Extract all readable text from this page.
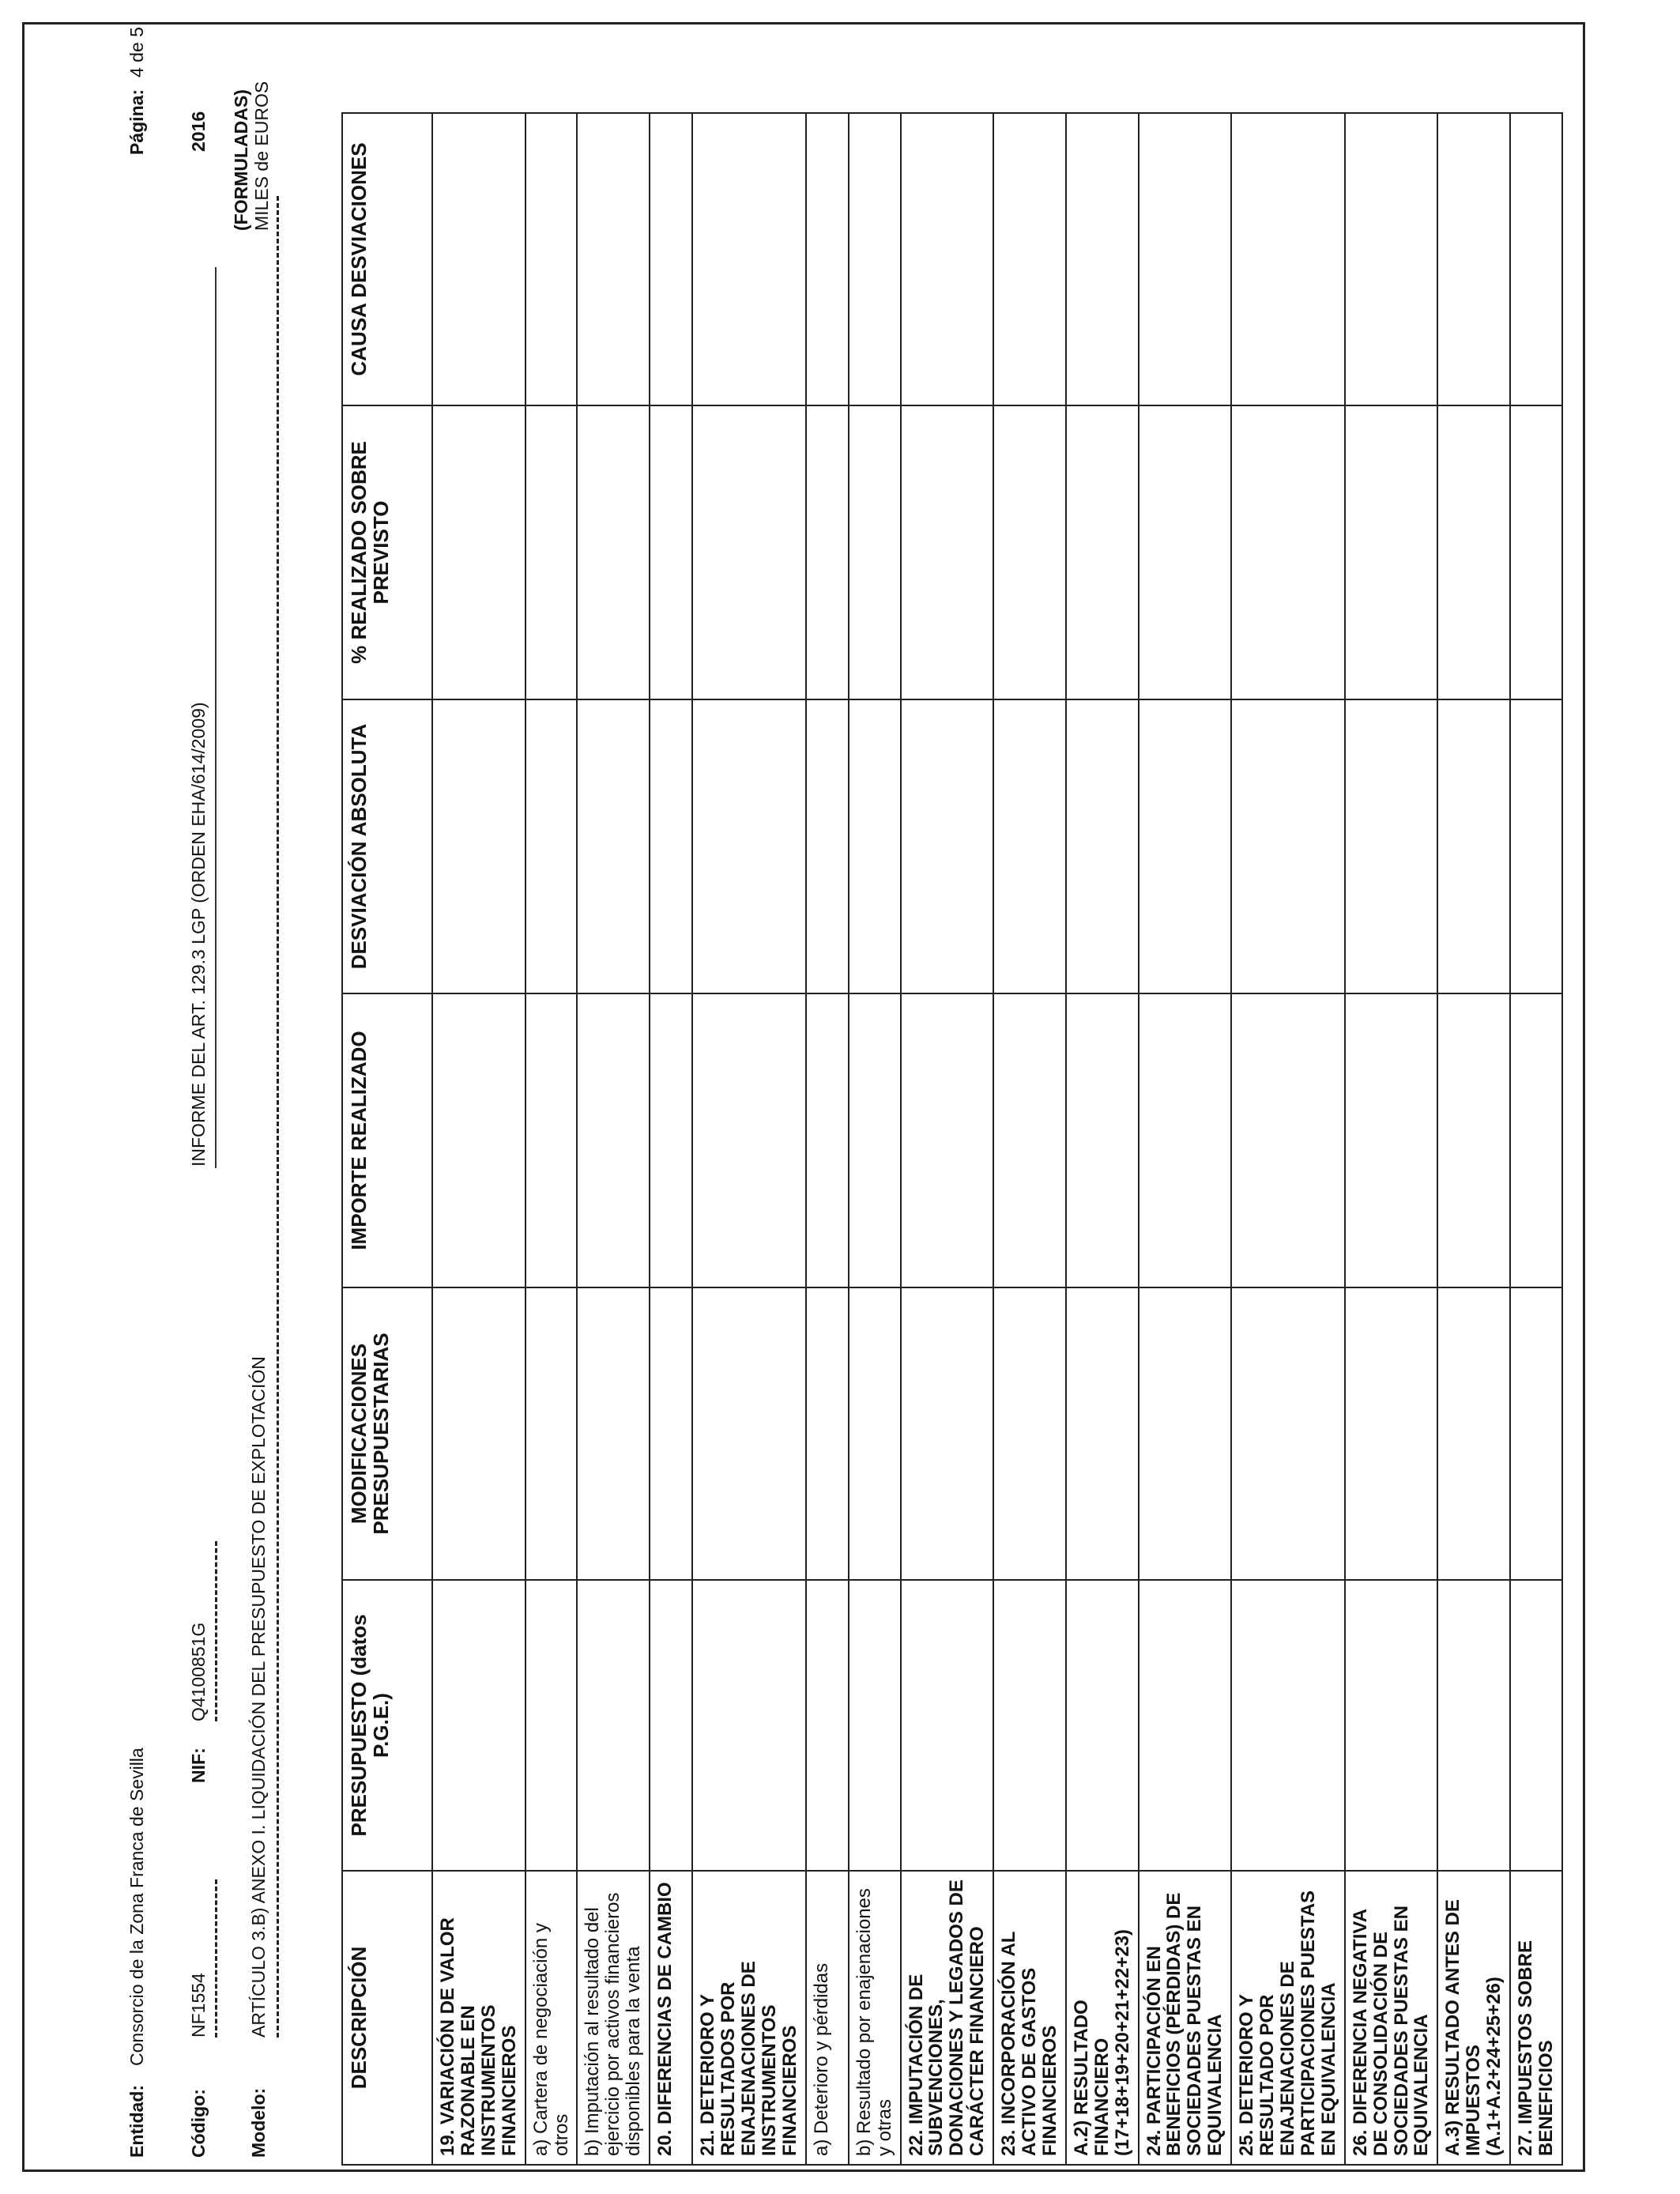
Entidad:
Consorcio de la Zona Franca de Sevilla
Página:
4 de 5
Código:
NF1554
NIF:
Q4100851G
INFORME DEL ART. 129.3 LGP (ORDEN EHA/614/2009)
2016
Modelo:
ARTÍCULO 3.B) ANEXO I. LIQUIDACIÓN DEL PRESUPUESTO DE EXPLOTACIÓN
(FORMULADAS) MILES de EUROS
DESCRIPCIÓN	PRESUPUESTO (datos P.G.E.)	MODIFICACIONES PRESUPUESTARIAS	IMPORTE REALIZADO	DESVIACIÓN ABSOLUTA	% REALIZADO SOBRE PREVISTO	CAUSA DESVIACIONES
19. VARIACIÓN DE VALOR RAZONABLE EN INSTRUMENTOS FINANCIEROS						
a) Cartera de negociación y otros						
b) Imputación al resultado del ejercicio por activos financieros disponibles para la venta						
20. DIFERENCIAS DE CAMBIO						
21. DETERIORO Y RESULTADOS POR ENAJENACIONES DE INSTRUMENTOS FINANCIEROS						
a) Deterioro y pérdidas						
b) Resultado por enajenaciones y otras						
22. IMPUTACIÓN DE SUBVENCIONES, DONACIONES Y LEGADOS DE CARÁCTER FINANCIERO						
23. INCORPORACIÓN AL ACTIVO DE GASTOS FINANCIEROS						
A.2) RESULTADO FINANCIERO (17+18+19+20+21+22+23)						
24. PARTICIPACIÓN EN BENEFICIOS (PÉRDIDAS) DE SOCIEDADES PUESTAS EN EQUIVALENCIA						
25. DETERIORO Y RESULTADO POR ENAJENACIONES DE PARTICIPACIONES PUESTAS EN EQUIVALENCIA						
26. DIFERENCIA NEGATIVA DE CONSOLIDACIÓN DE SOCIEDADES PUESTAS EN EQUIVALENCIA						
A.3) RESULTADO ANTES DE IMPUESTOS (A.1+A.2+24+25+26)						
27. IMPUESTOS SOBRE BENEFICIOS						
